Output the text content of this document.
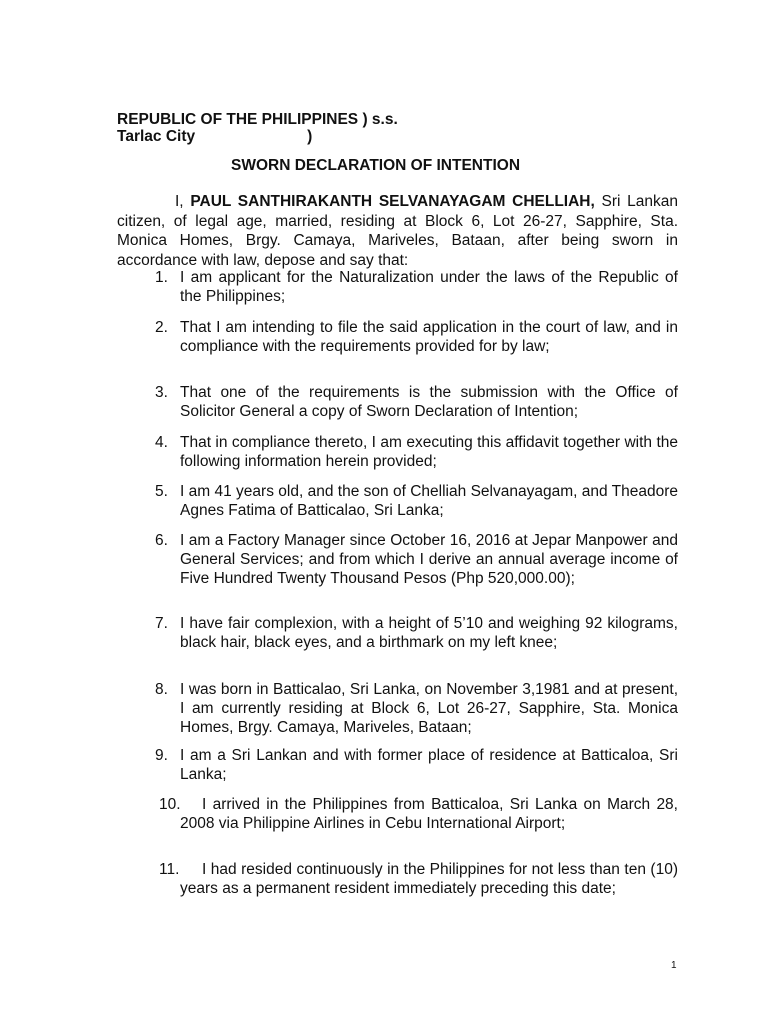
REPUBLIC OF THE PHILIPPINES ) s.s.
Tarlac City                          )
SWORN DECLARATION OF INTENTION

I, PAUL SANTHIRAKANTH SELVANAYAGAM CHELLIAH, Sri Lankan citizen, of legal age, married, residing at Block 6, Lot 26-27, Sapphire, Sta. Monica Homes, Brgy. Camaya, Mariveles, Bataan, after being sworn in accordance with law, depose and say that:

1. I am applicant for the Naturalization under the laws of the Republic of the Philippines;
2. That I am intending to file the said application in the court of law, and in compliance with the requirements provided for by law;
3. That one of the requirements is the submission with the Office of Solicitor General a copy of Sworn Declaration of Intention;
4. That in compliance thereto, I am executing this affidavit together with the following information herein provided;
5. I am 41 years old, and the son of Chelliah Selvanayagam, and Theadore Agnes Fatima of Batticalao, Sri Lanka;
6. I am a Factory Manager since October 16, 2016 at Jepar Manpower and General Services; and from which I derive an annual average income of Five Hundred Twenty Thousand Pesos (Php 520,000.00);
7. I have fair complexion, with a height of 5’10 and weighing 92 kilograms, black hair, black eyes, and a birthmark on my left knee;
8. I was born in Batticalao, Sri Lanka, on November 3,1981 and at present, I am currently residing at Block 6, Lot 26-27, Sapphire, Sta. Monica Homes, Brgy. Camaya, Mariveles, Bataan;
9. I am a Sri Lankan and with former place of residence at Batticaloa, Sri Lanka;
10.	I arrived in the Philippines from Batticaloa, Sri Lanka on March 28, 2008 via Philippine Airlines in Cebu International Airport;
11.	I had resided continuously in the Philippines for not less than ten (10) years as a permanent resident immediately preceding this date;
1
